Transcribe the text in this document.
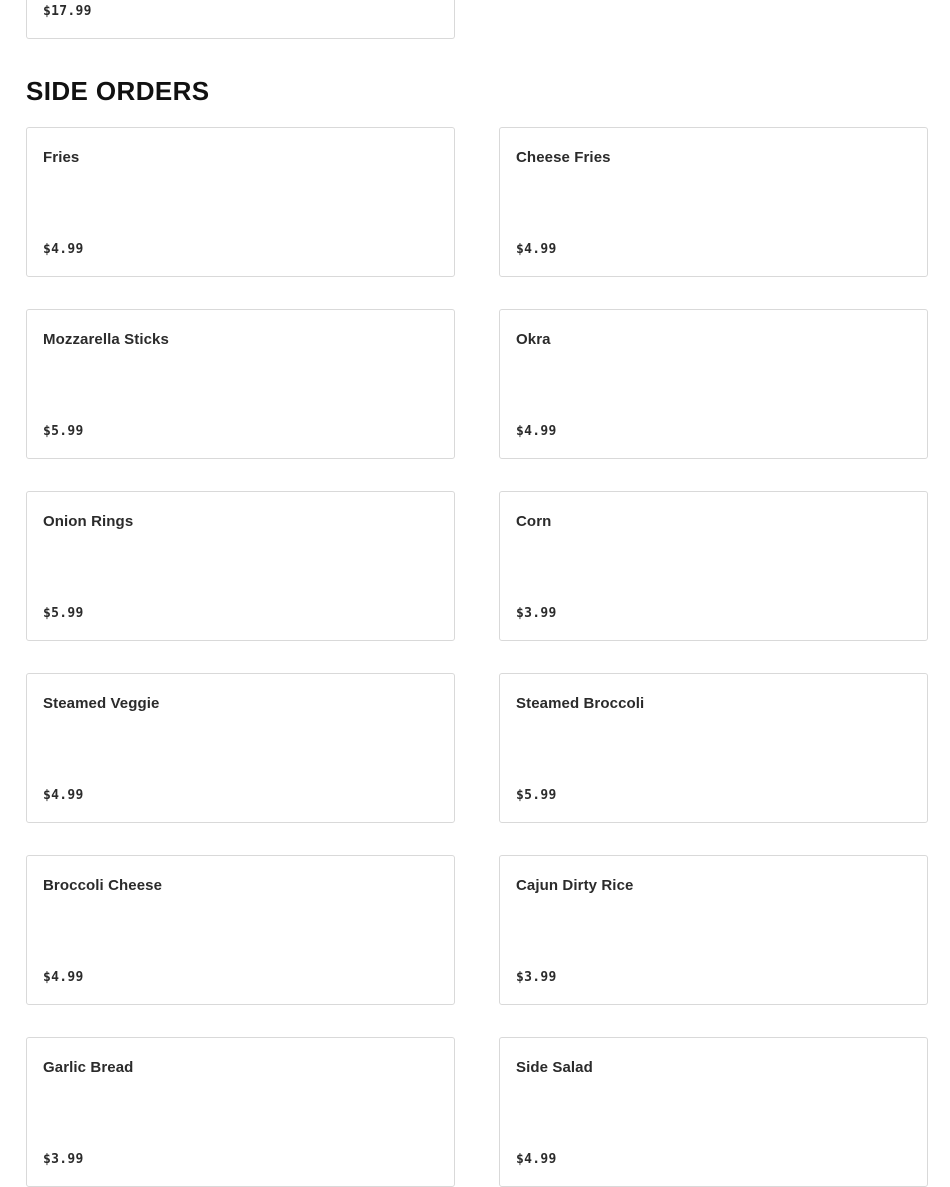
$17.99
SIDE ORDERS
Fries
$4.99
Cheese Fries
$4.99
Mozzarella Sticks
$5.99
Okra
$4.99
Onion Rings
$5.99
Corn
$3.99
Steamed Veggie
$4.99
Steamed Broccoli
$5.99
Broccoli Cheese
$4.99
Cajun Dirty Rice
$3.99
Garlic Bread
$3.99
Side Salad
$4.99
